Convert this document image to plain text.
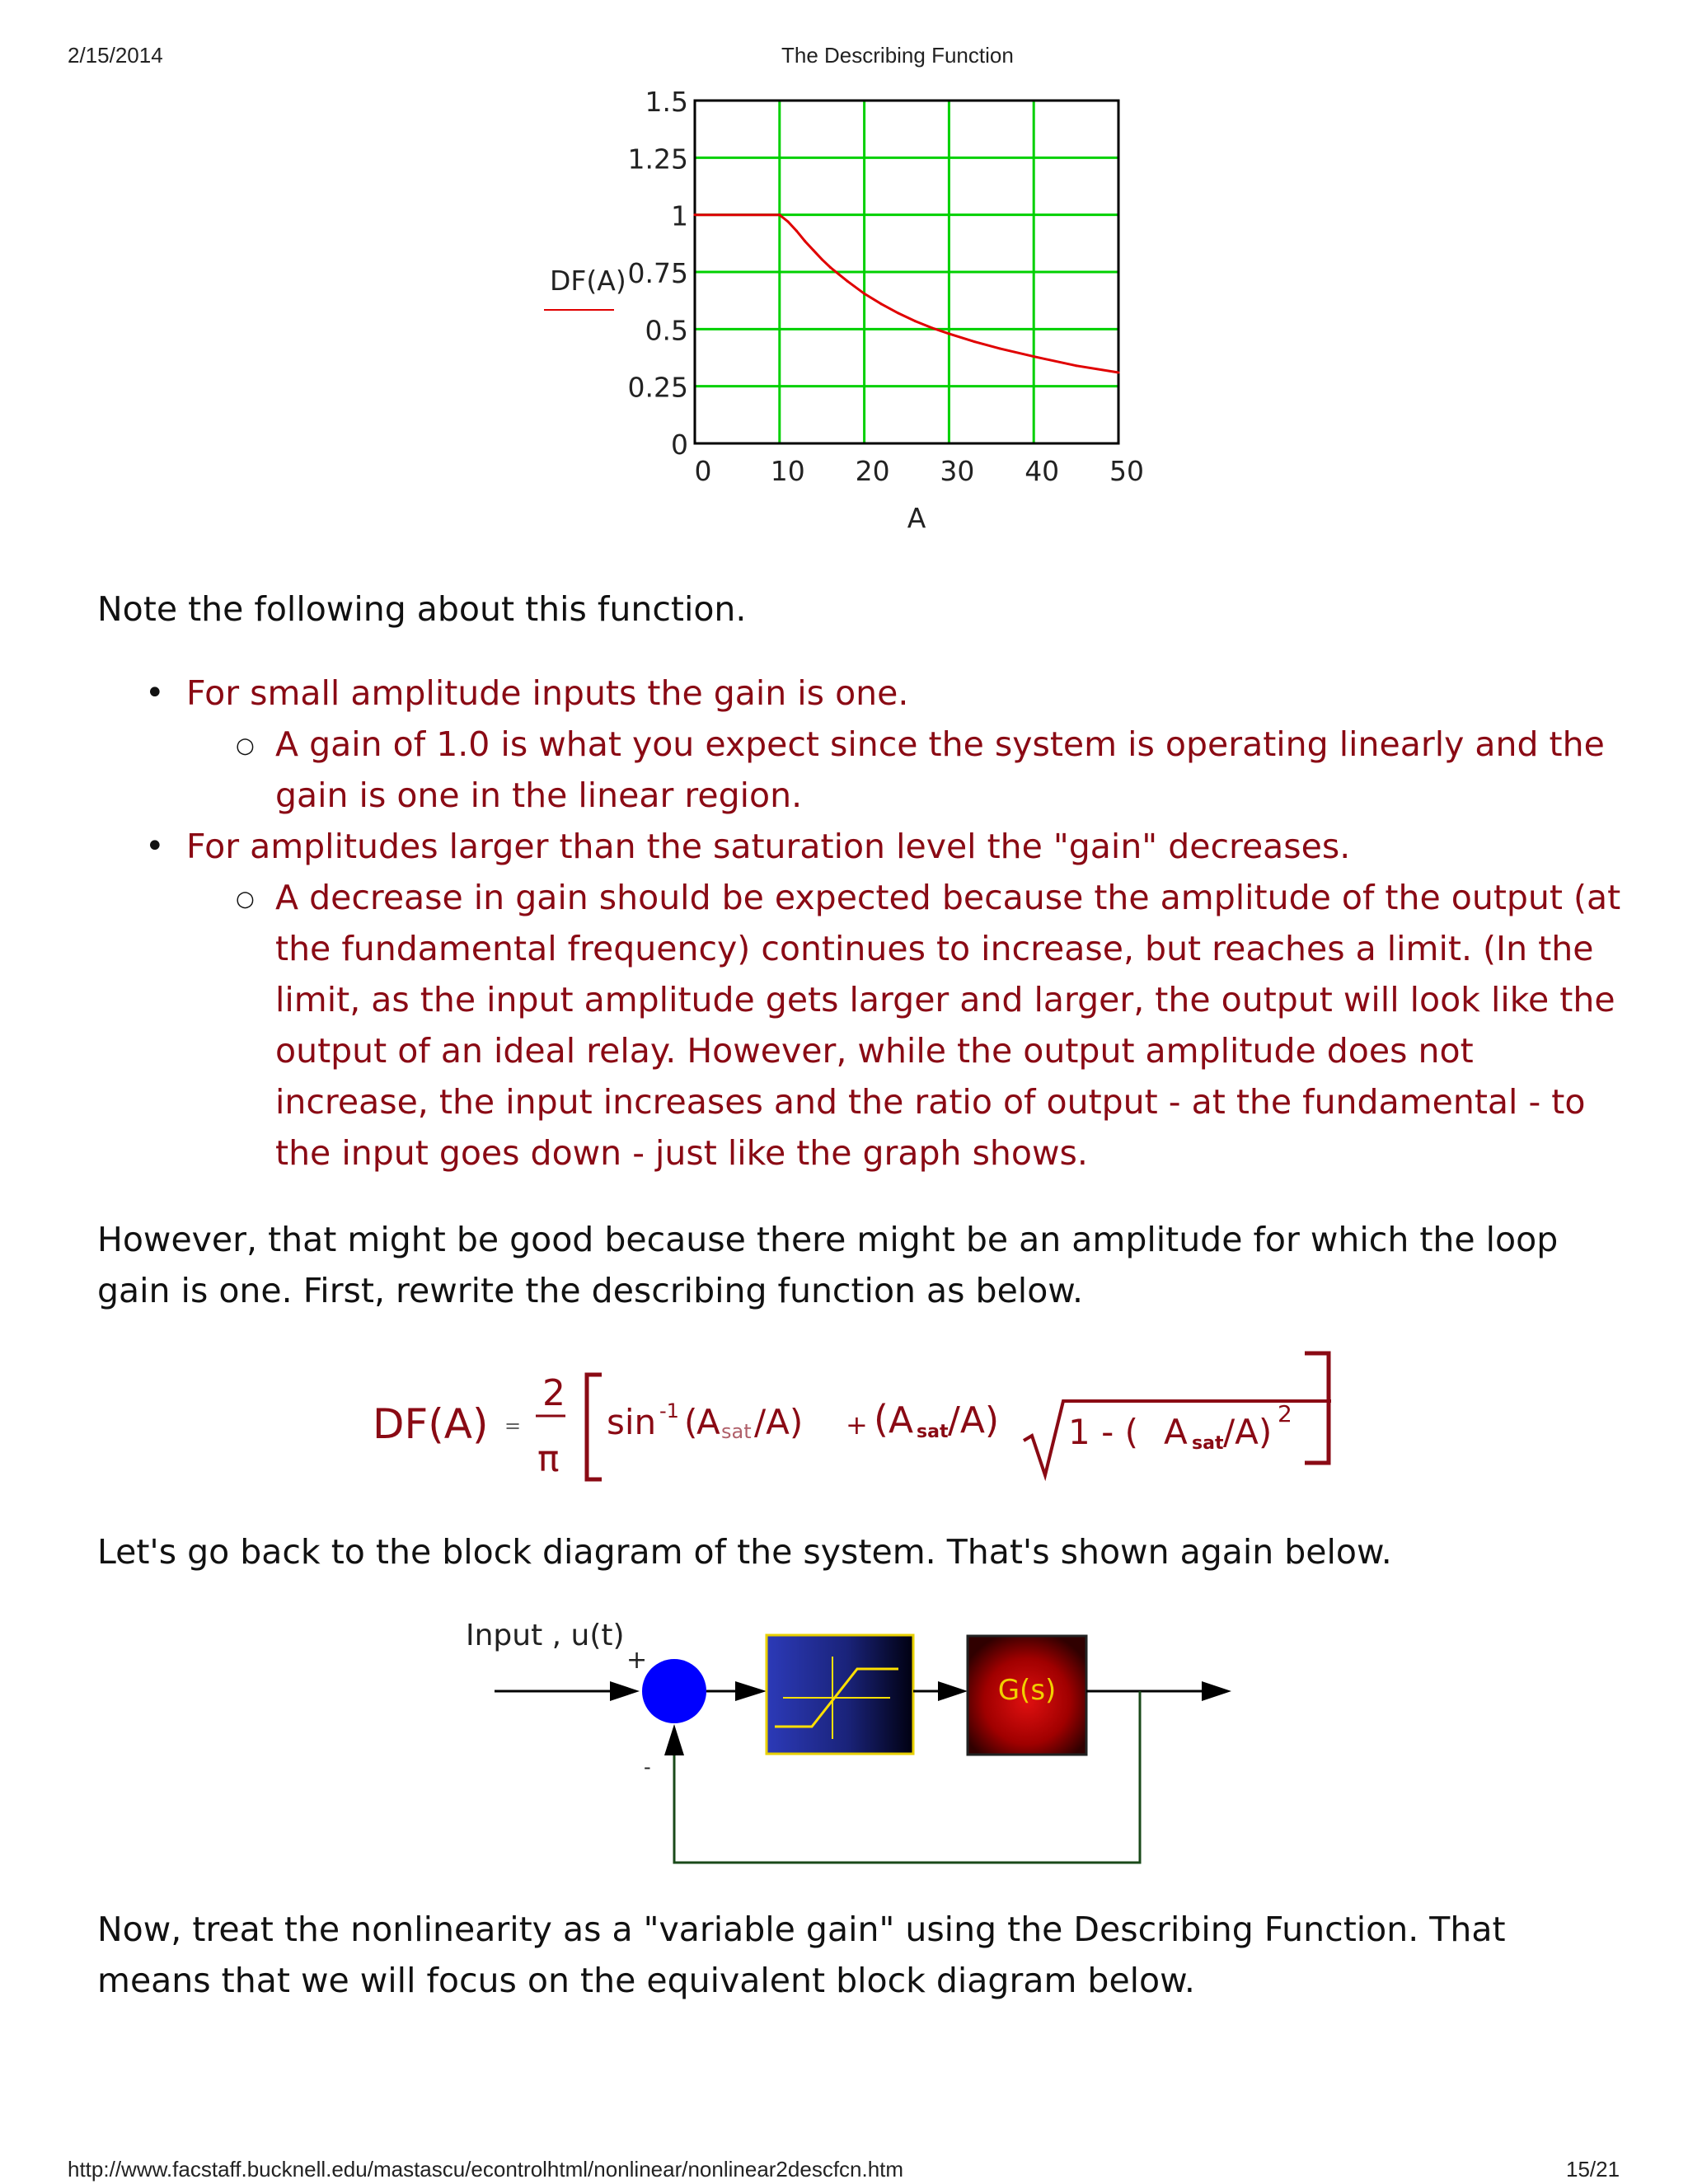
2/15/2014	The Describing Function
0
0.25
0.5
0.75
1
1.25
1.5
0 10 20 30 40 50
DF(A)
A
Note the following about this function.
• For small amplitude inputs the gain is one.
○ A gain of 1.0 is what you expect since the system is operating linearly and the gain is one in the linear region.
• For amplitudes larger than the saturation level the "gain" decreases.
○ A decrease in gain should be expected because the amplitude of the output (at the fundamental frequency) continues to increase, but reaches a limit. (In the limit, as the input amplitude gets larger and larger, the output will look like the output of an ideal relay. However, while the output amplitude does not increase, the input increases and the ratio of output - at the fundamental - to the input goes down - just like the graph shows.
However, that might be good because there might be an amplitude for which the loop gain is one. First, rewrite the describing function as below.
DF(A) =
2
π
sin -1 (
A sat /A) + ( A sat /A) 1 - ( A sat /A) 2
Let's go back to the block diagram of the system. That's shown again below.
Input , u(t)
+
-
G(s)
Now, treat the nonlinearity as a "variable gain" using the Describing Function. That means that we will focus on the equivalent block diagram below.
http://www.facstaff.bucknell.edu/mastascu/econtrolhtml/nonlinear/nonlinear2descfcn.htm	15/21
